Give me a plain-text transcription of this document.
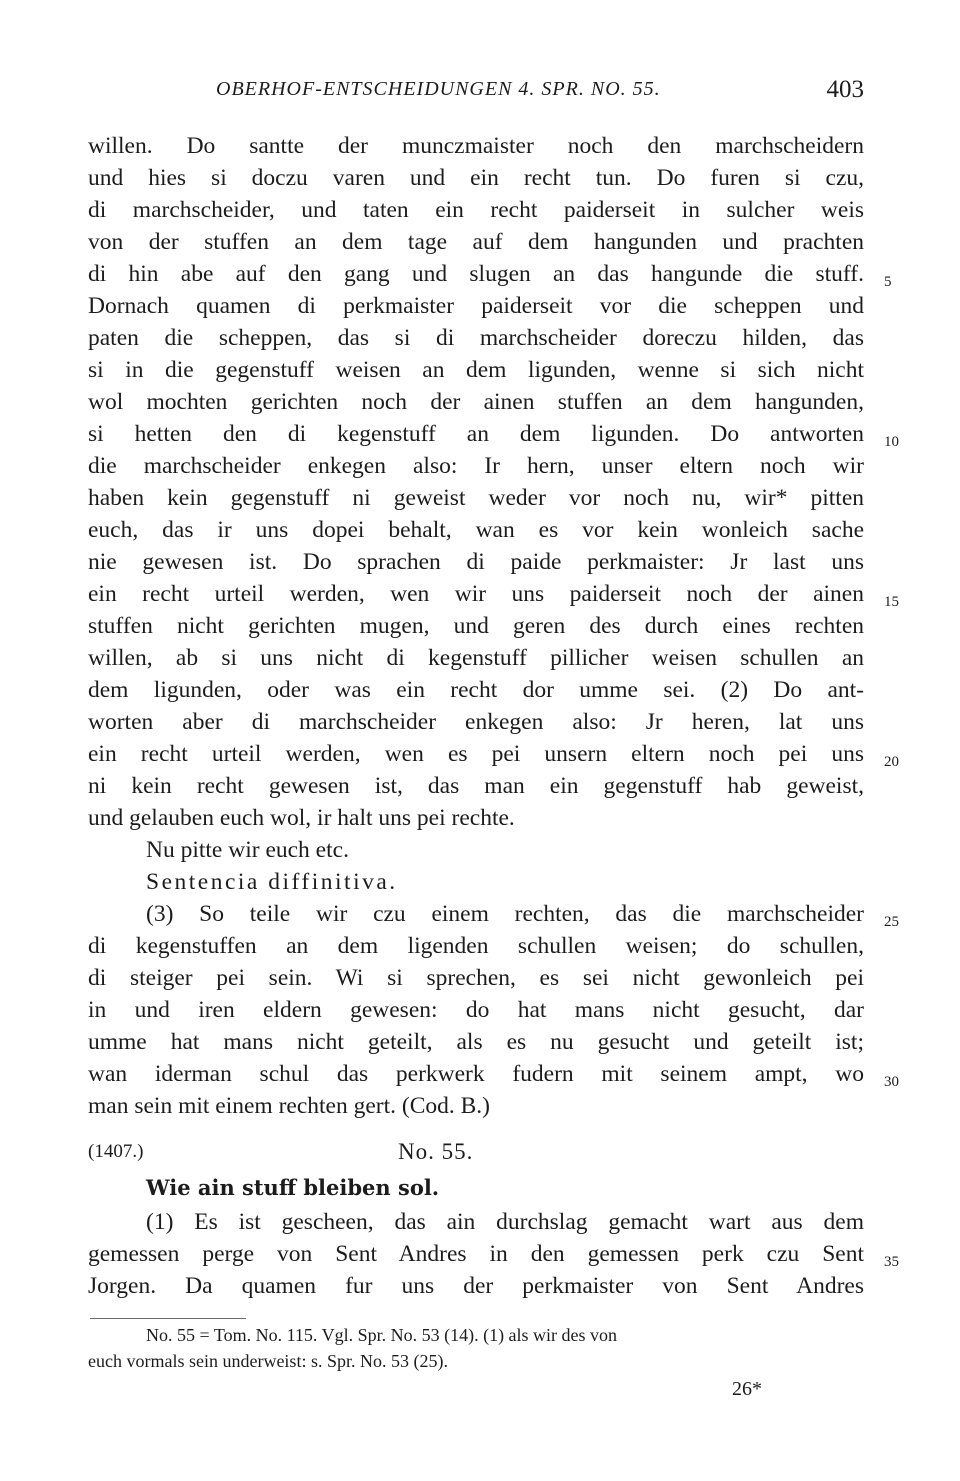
OBERHOF-ENTSCHEIDUNGEN 4. SPR. NO. 55.	403
willen. Do santte der munczmaister noch den marchscheidern
und hies si doczu varen und ein recht tun. Do furen si czu,
di marchscheider, und taten ein recht paiderseit in sulcher weis
von der stuffen an dem tage auf dem hangunden und prachten
di hin abe auf den gang und slugen an das hangunde die stuff.
Dornach quamen di perkmaister paiderseit vor die scheppen und
paten die scheppen, das si di marchscheider doreczu hilden, das
si in die gegenstuff weisen an dem ligunden, wenne si sich nicht
wol mochten gerichten noch der ainen stuffen an dem hangunden,
si hetten den di kegenstuff an dem ligunden. Do antworten
die marchscheider enkegen also: Ir hern, unser eltern noch wir
haben kein gegenstuff ni geweist weder vor noch nu, wir* pitten
euch, das ir uns dopei behalt, wan es vor kein wonleich sache
nie gewesen ist. Do sprachen di paide perkmaister: Jr last uns
ein recht urteil werden, wen wir uns paiderseit noch der ainen
stuffen nicht gerichten mugen, und geren des durch eines rechten
willen, ab si uns nicht di kegenstuff pillicher weisen schullen an
dem ligunden, oder was ein recht dor umme sei. (2) Do ant-
worten aber di marchscheider enkegen also: Jr heren, lat uns
ein recht urteil werden, wen es pei unsern eltern noch pei uns
ni kein recht gewesen ist, das man ein gegenstuff hab geweist,
und gelauben euch wol, ir halt uns pei rechte.
Nu pitte wir euch etc.
Sentencia diffinitiva.
(3) So teile wir czu einem rechten, das die marchscheider
di kegenstuffen an dem ligenden schullen weisen; do schullen,
di steiger pei sein. Wi si sprechen, es sei nicht gewonleich pei
in und iren eldern gewesen: do hat mans nicht gesucht, dar
umme hat mans nicht geteilt, als es nu gesucht und geteilt ist;
wan iderman schul das perkwerk fudern mit seinem ampt, wo
man sein mit einem rechten gert. (Cod. B.)
(1407.)	No. 55.
Wie ain stuff bleiben sol.
(1) Es ist gescheen, das ain durchslag gemacht wart aus dem
gemessen perge von Sent Andres in den gemessen perk czu Sent
Jorgen. Da quamen fur uns der perkmaister von Sent Andres
5
10
15
20
25
30
35
No. 55 = Tom. No. 115. Vgl. Spr. No. 53 (14). (1) als wir des von
euch vormals sein underweist: s. Spr. No. 53 (25).
26*
